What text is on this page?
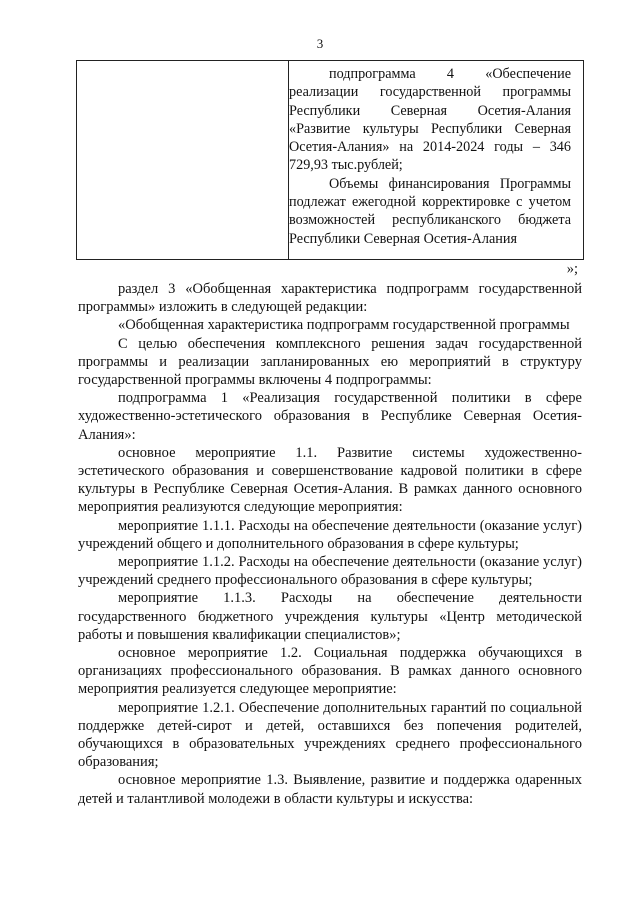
3

подпрограмма 4 «Обеспечение реализации государственной программы Республики Северная Осетия-Алания «Развитие культуры Республики Северная Осетия-Алания» на 2014-2024 годы – 346 729,93 тыс.рублей;

Объемы финансирования Программы подлежат ежегодной корректировке с учетом возможностей республиканского бюджета Республики Северная Осетия-Алания

»;

раздел 3 «Обобщенная характеристика подпрограмм государственной программы» изложить в следующей редакции:

«Обобщенная характеристика подпрограмм государственной программы

С целью обеспечения комплексного решения задач государственной программы и реализации запланированных ею мероприятий в структуру государственной программы включены 4 подпрограммы:

подпрограмма 1 «Реализация государственной политики в сфере художественно-эстетического образования в Республике Северная Осетия-Алания»:

основное мероприятие 1.1. Развитие системы художественно-эстетического образования и совершенствование кадровой политики в сфере культуры в Республике Северная Осетия-Алания. В рамках данного основного мероприятия реализуются следующие мероприятия:

мероприятие 1.1.1. Расходы на обеспечение деятельности (оказание услуг) учреждений общего и дополнительного образования в сфере культуры;

мероприятие 1.1.2. Расходы на обеспечение деятельности (оказание услуг) учреждений среднего профессионального образования в сфере культуры;

мероприятие 1.1.3. Расходы на обеспечение деятельности государственного бюджетного учреждения культуры «Центр методической работы и повышения квалификации специалистов»;

основное мероприятие 1.2. Социальная поддержка обучающихся в организациях профессионального образования. В рамках данного основного мероприятия реализуется следующее мероприятие:

мероприятие 1.2.1. Обеспечение дополнительных гарантий по социальной поддержке детей-сирот и детей, оставшихся без попечения родителей, обучающихся в образовательных учреждениях среднего профессионального образования;

основное мероприятие 1.3. Выявление, развитие и поддержка одаренных детей и талантливой молодежи в области культуры и искусства:
